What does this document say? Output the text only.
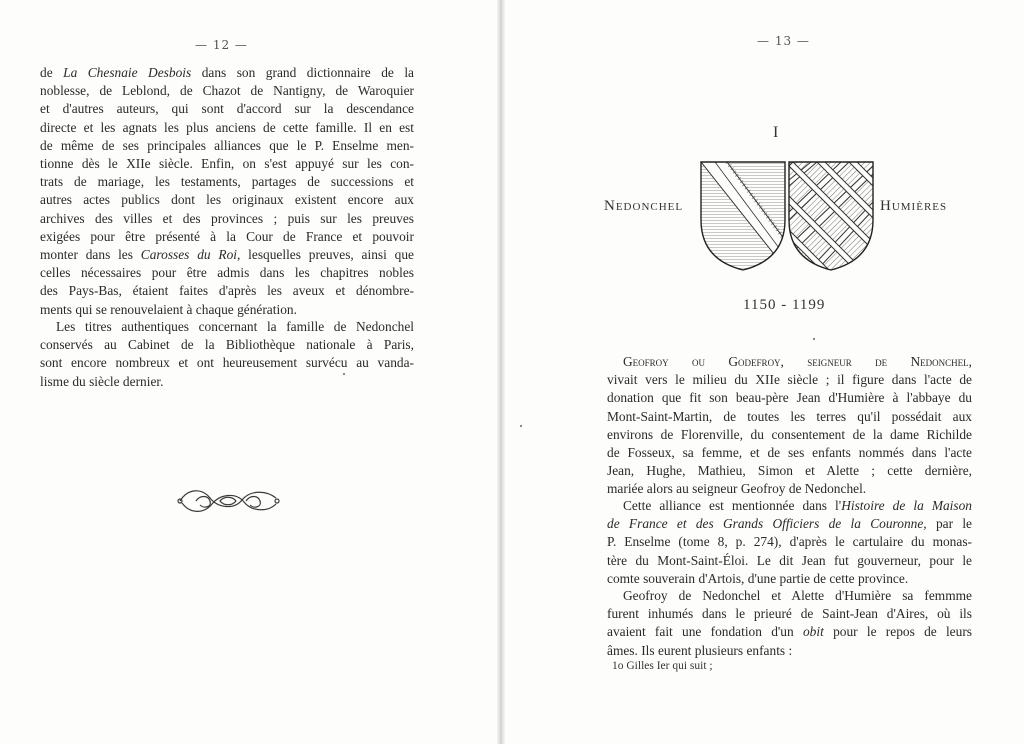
— 12 —
de La Chesnaie Desbois dans son grand dictionnaire de la
noblesse, de Leblond, de Chazot de Nantigny, de Waroquier
et d'autres auteurs, qui sont d'accord sur la descendance
directe et les agnats les plus anciens de cette famille. Il en est
de même de ses principales alliances que le P. Enselme men-
tionne dès le XIIe siècle. Enfin, on s'est appuyé sur les con-
trats de mariage, les testaments, partages de successions et
autres actes publics dont les originaux existent encore aux
archives des villes et des provinces ; puis sur les preuves
exigées pour être présenté à la Cour de France et pouvoir
monter dans les Carosses du Roi, lesquelles preuves, ainsi que
celles nécessaires pour être admis dans les chapitres nobles
des Pays-Bas, étaient faites d'après les aveux et dénombre-
ments qui se renouvelaient à chaque génération.
Les titres authentiques concernant la famille de Nedonchel
conservés au Cabinet de la Bibliothèque nationale à Paris,
sont encore nombreux et ont heureusement survécu au vanda-
lisme du siècle dernier.
— 13 —
I
Nedonchel	Humières
1150 - 1199
Geofroy ou Godefroy, seigneur de Nedonchel,
vivait vers le milieu du XIIe siècle ; il figure dans l'acte de
donation que fit son beau-père Jean d'Humière à l'abbaye du
Mont-Saint-Martin, de toutes les terres qu'il possédait aux
environs de Florenville, du consentement de la dame Richilde
de Fosseux, sa femme, et de ses enfants nommés dans l'acte
Jean, Hughe, Mathieu, Simon et Alette ; cette dernière,
mariée alors au seigneur Geofroy de Nedonchel.
Cette alliance est mentionnée dans l'Histoire de la Maison
de France et des Grands Officiers de la Couronne, par le
P. Enselme (tome 8, p. 274), d'après le cartulaire du monas-
tère du Mont-Saint-Éloi. Le dit Jean fut gouverneur, pour le
comte souverain d'Artois, d'une partie de cette province.
Geofroy de Nedonchel et Alette d'Humière sa femmme
furent inhumés dans le prieuré de Saint-Jean d'Aires, où ils
avaient fait une fondation d'un obit pour le repos de leurs
âmes. Ils eurent plusieurs enfants :
1o Gilles Ier qui suit ;
